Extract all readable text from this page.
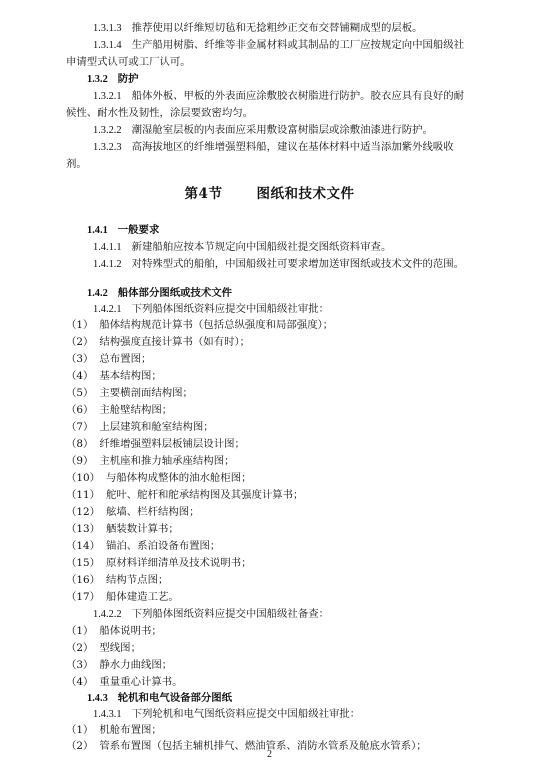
1.3.1.3 推荐使用以纤维短切毡和无捻粗纱正交布交替铺糊成型的层板。
1.3.1.4 生产船用树脂、纤维等非金属材料或其制品的工厂应按规定向中国船级社
申请型式认可或工厂认可。
1.3.2 防护
1.3.2.1 船体外板、甲板的外表面应涂敷胶衣树脂进行防护。胶衣应具有良好的耐
候性、耐水性及韧性，涂层要致密均匀。
1.3.2.2 潮湿舱室层板的内表面应采用敷设富树脂层或涂敷油漆进行防护。
1.3.2.3 高海拔地区的纤维增强塑料船，建议在基体材料中适当添加紫外线吸收
剂。
第4节	图纸和技术文件
1.4.1 一般要求
1.4.1.1 新建船舶应按本节规定向中国船级社提交图纸资料审查。
1.4.1.2 对特殊型式的船舶，中国船级社可要求增加送审图纸或技术文件的范围。
1.4.2 船体部分图纸或技术文件
1.4.2.1 下列船体图纸资料应提交中国船级社审批：
（1） 船体结构规范计算书（包括总纵强度和局部强度）；
（2） 结构强度直接计算书（如有时）；
（3） 总布置图；
（4） 基本结构图；
（5） 主要横剖面结构图；
（6） 主舱壁结构图；
（7） 上层建筑和舱室结构图；
（8） 纤维增强塑料层板铺层设计图；
（9） 主机座和推力轴承座结构图；
（10） 与船体构成整体的油水舱柜图；
（11） 舵叶、舵杆和舵承结构图及其强度计算书；
（12） 舷墙、栏杆结构图；
（13） 舾装数计算书；
（14） 锚泊、系泊设备布置图；
（15） 原材料详细清单及技术说明书；
（16） 结构节点图；
（17） 船体建造工艺。
1.4.2.2 下列船体图纸资料应提交中国船级社备查：
（1） 船体说明书；
（2） 型线图；
（3） 静水力曲线图；
（4） 重量重心计算书。
1.4.3 轮机和电气设备部分图纸
1.4.3.1 下列轮机和电气图纸资料应提交中国船级社审批：
（1） 机舱布置图；
（2） 管系布置图（包括主辅机排气、燃油管系、消防水管系及舱底水管系）；
2
